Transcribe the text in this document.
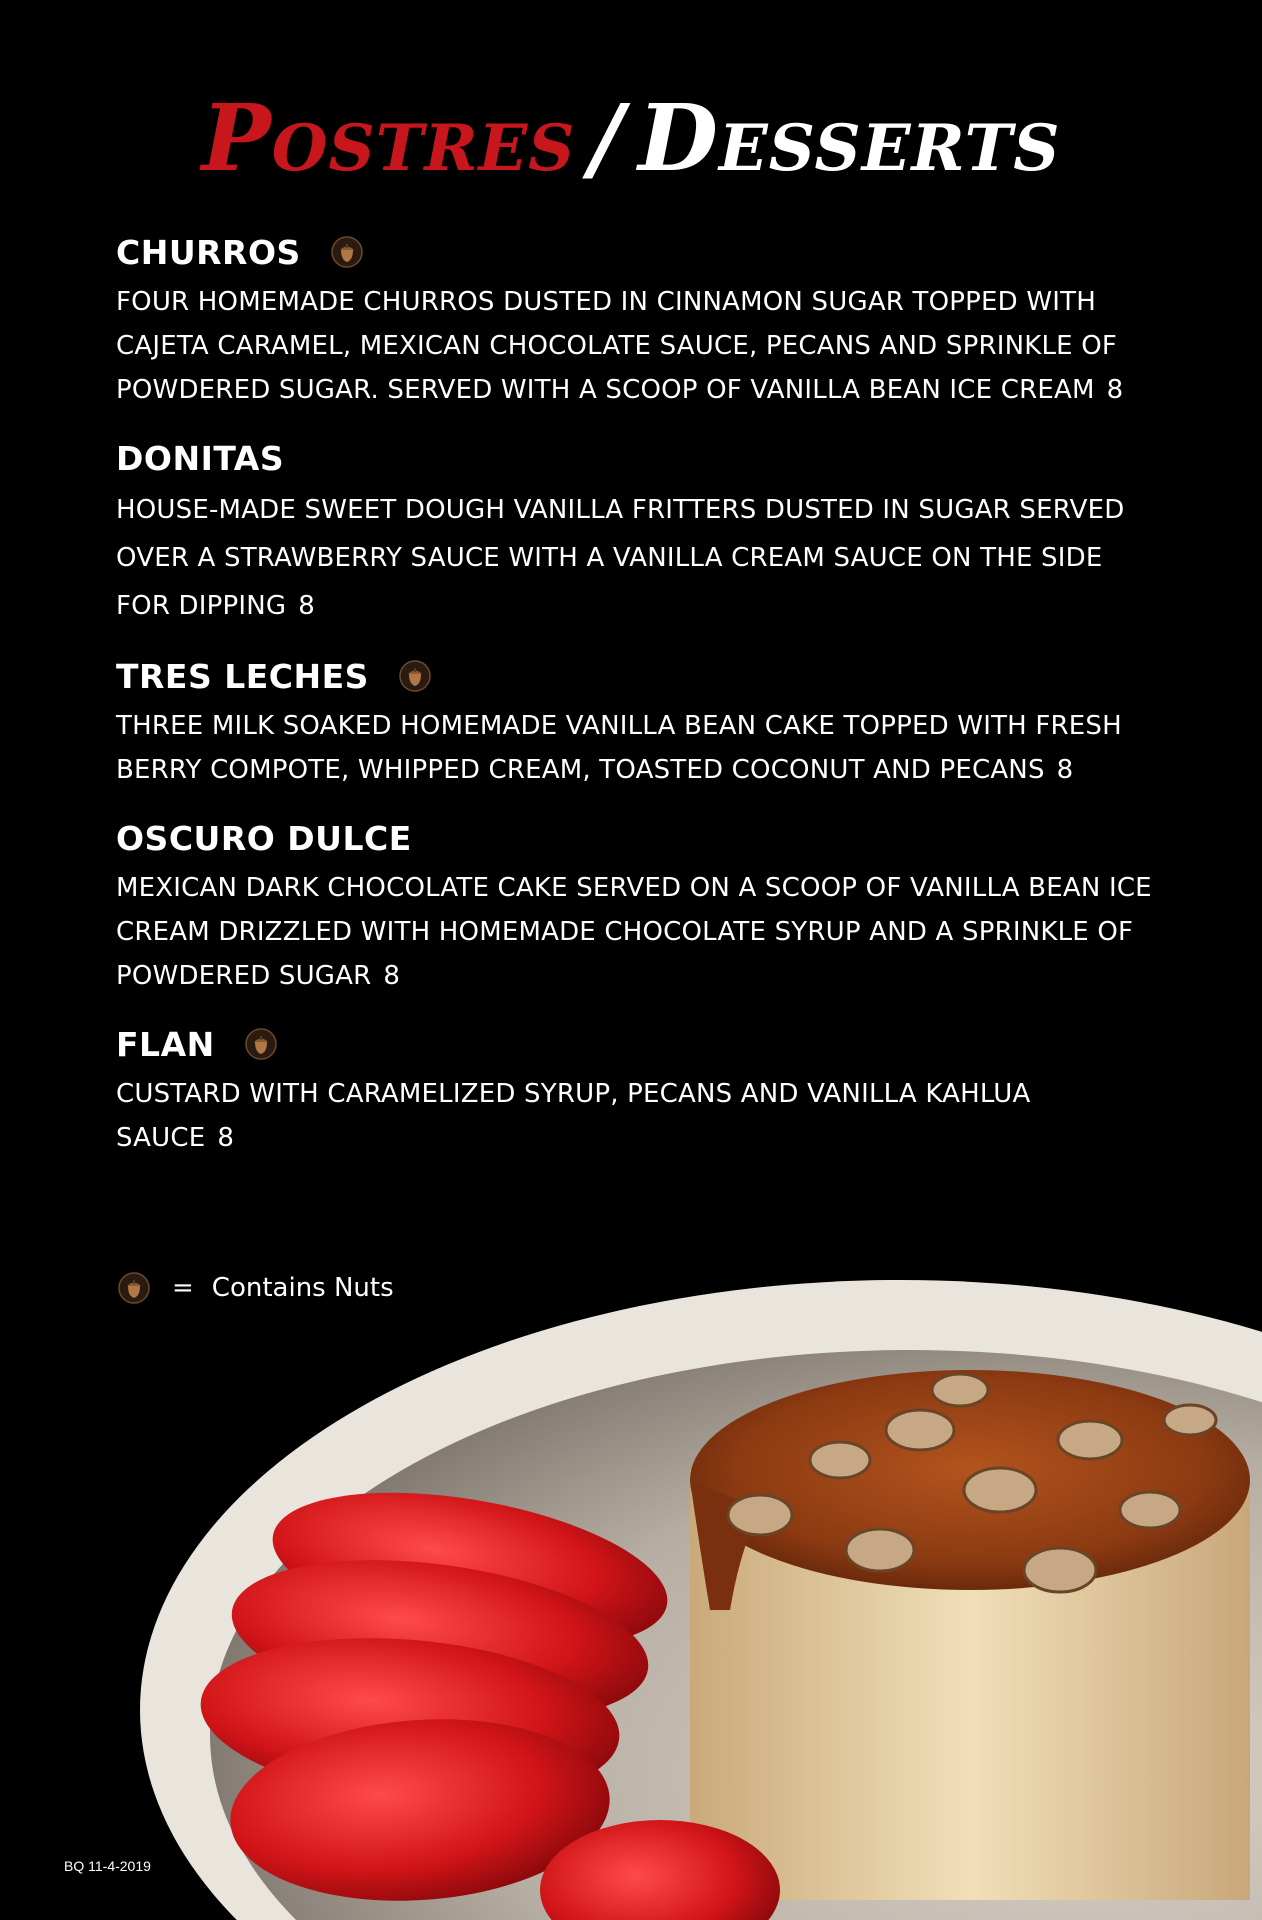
Postres / Desserts
CHURROS
FOUR HOMEMADE CHURROS DUSTED IN CINNAMON SUGAR TOPPED WITH CAJETA CARAMEL, MEXICAN CHOCOLATE SAUCE, PECANS AND SPRINKLE OF POWDERED SUGAR. SERVED WITH A SCOOP OF VANILLA BEAN ICE CREAM 8
DONITAS
HOUSE-MADE SWEET DOUGH VANILLA FRITTERS DUSTED IN SUGAR SERVED OVER A STRAWBERRY SAUCE WITH A VANILLA CREAM SAUCE ON THE SIDE FOR DIPPING 8
TRES LECHES
THREE MILK SOAKED HOMEMADE VANILLA BEAN CAKE TOPPED WITH FRESH BERRY COMPOTE, WHIPPED CREAM, TOASTED COCONUT AND PECANS 8
OSCURO DULCE
MEXICAN DARK CHOCOLATE CAKE SERVED ON A SCOOP OF VANILLA BEAN ICE CREAM DRIZZLED WITH HOMEMADE CHOCOLATE SYRUP AND A SPRINKLE OF POWDERED SUGAR 8
FLAN
CUSTARD WITH CARAMELIZED SYRUP, PECANS AND VANILLA KAHLUA SAUCE 8
= Contains Nuts
BQ 11-4-2019
